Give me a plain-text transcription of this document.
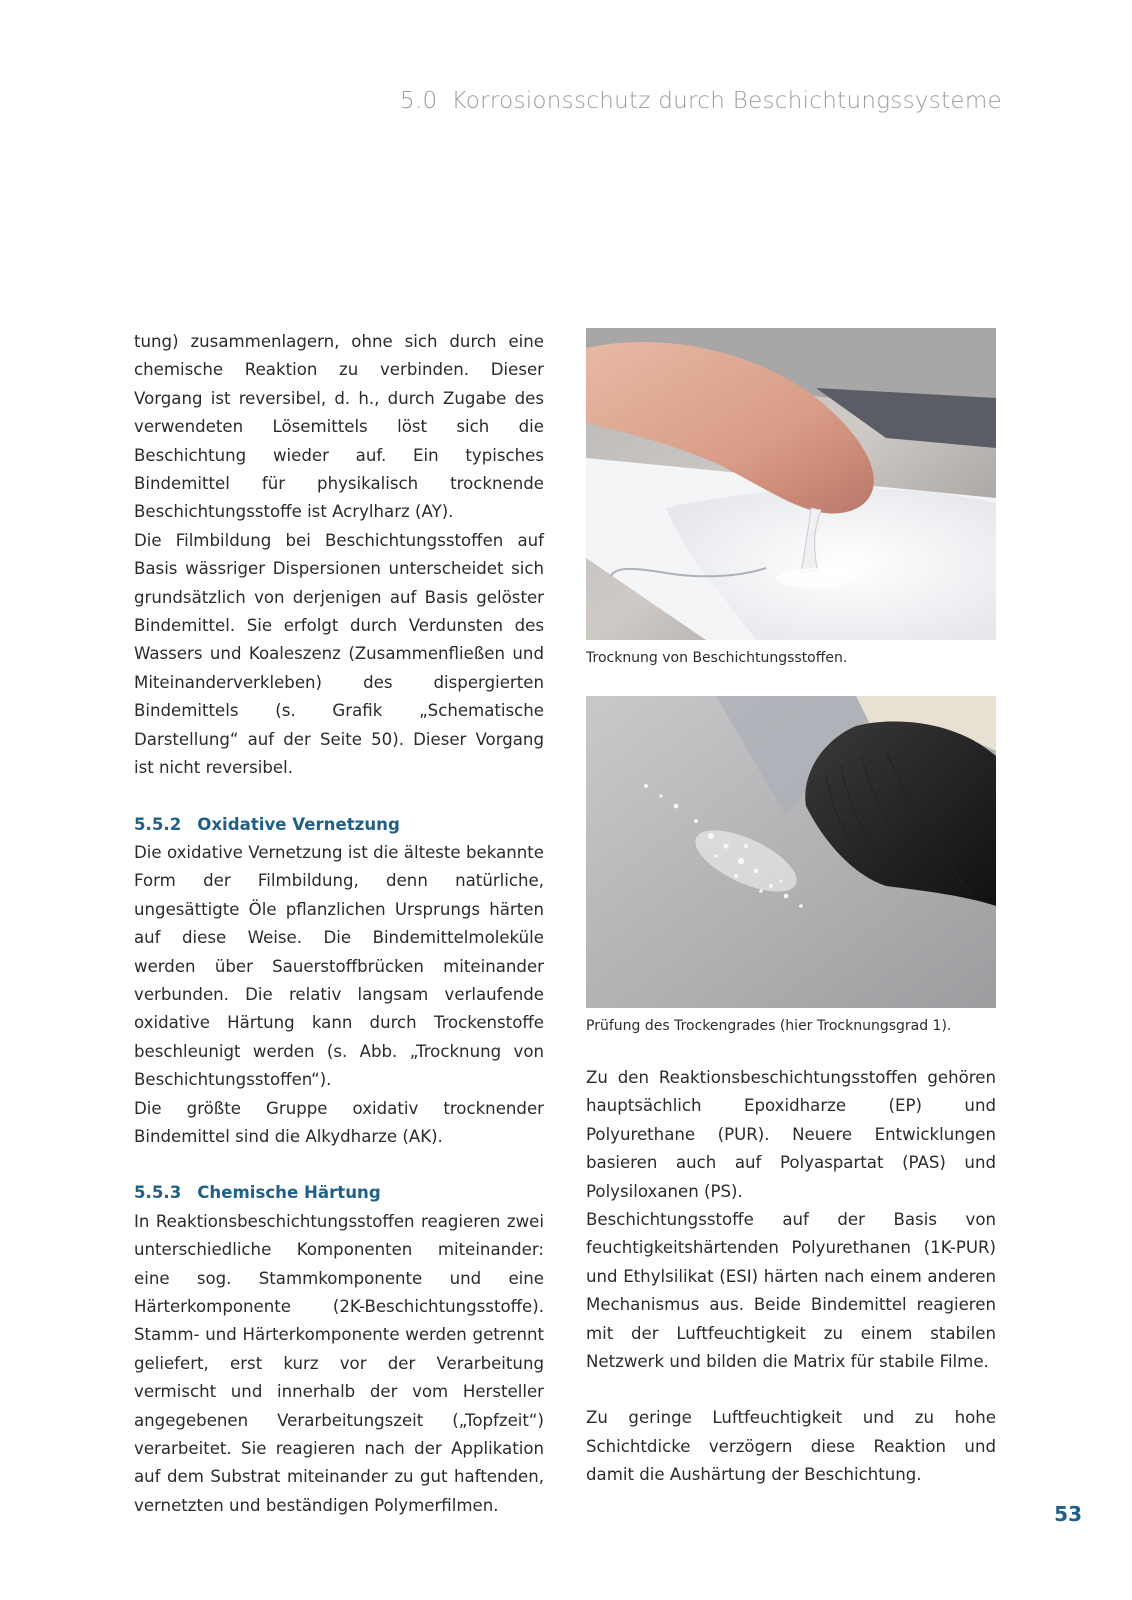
5.0 Korrosionsschutz durch Beschichtungssysteme

tung) zusammenlagern, ohne sich durch eine chemische Reaktion zu verbinden. Dieser Vorgang ist reversibel, d. h., durch Zugabe des verwendeten Lösemittels löst sich die Beschichtung wieder auf. Ein typisches Bindemittel für physikalisch trocknende Beschichtungsstoffe ist Acrylharz (AY).

Die Filmbildung bei Beschichtungsstoffen auf Basis wässriger Dispersionen unterscheidet sich grundsätzlich von derjenigen auf Basis gelöster Bindemittel. Sie erfolgt durch Verdunsten des Wassers und Koaleszenz (Zusammenfließen und Miteinanderverkleben) des dispergierten Bindemittels (s. Grafik „Schematische Darstellung“ auf der Seite 50). Dieser Vorgang ist nicht reversibel.

5.5.2 Oxidative Vernetzung

Die oxidative Vernetzung ist die älteste bekannte Form der Filmbildung, denn natürliche, ungesättigte Öle pflanzlichen Ursprungs härten auf diese Weise. Die Bindemittelmoleküle werden über Sauerstoffbrücken miteinander verbunden. Die relativ langsam verlaufende oxidative Härtung kann durch Trockenstoffe beschleunigt werden (s. Abb. „Trocknung von Beschichtungsstoffen“).

Die größte Gruppe oxidativ trocknender Bindemittel sind die Alkydharze (AK).

5.5.3 Chemische Härtung

In Reaktionsbeschichtungsstoffen reagieren zwei unterschiedliche Komponenten miteinander: eine sog. Stammkomponente und eine Härterkomponente (2K-Beschichtungsstoffe). Stamm- und Härterkomponente werden getrennt geliefert, erst kurz vor der Verarbeitung vermischt und innerhalb der vom Hersteller angegebenen Verarbeitungszeit („Topfzeit“) verarbeitet. Sie reagieren nach der Applikation auf dem Substrat miteinander zu gut haftenden, vernetzten und beständigen Polymerfilmen.

Trocknung von Beschichtungsstoffen.
Prüfung des Trockengrades (hier Trocknungsgrad 1).

Zu den Reaktionsbeschichtungsstoffen gehören hauptsächlich Epoxidharze (EP) und Polyurethane (PUR). Neuere Entwicklungen basieren auch auf Polyaspartat (PAS) und Polysiloxanen (PS).

Beschichtungsstoffe auf der Basis von feuchtigkeitshärtenden Polyurethanen (1K-PUR) und Ethylsilikat (ESI) härten nach einem anderen Mechanismus aus. Beide Bindemittel reagieren mit der Luftfeuchtigkeit zu einem stabilen Netzwerk und bilden die Matrix für stabile Filme.

Zu geringe Luftfeuchtigkeit und zu hohe Schichtdicke verzögern diese Reaktion und damit die Aushärtung der Beschichtung.

53
